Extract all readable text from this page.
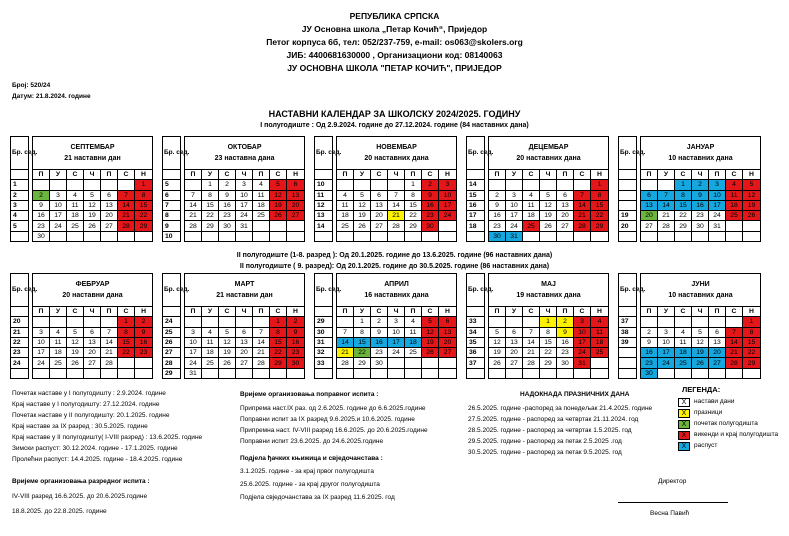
РЕПУБЛИКА СРПСКА
ЈУ Основна школа „Петар Кочић“, Приједор
Петог корпуса 6б, тел: 052/237-759, e-mail: os063@skolers.org
ЈИБ: 4400681630000 , Организациони код: 08140063
ЈУ ОСНОВНА ШКОЛА "ПЕТАР КОЧИЋ", ПРИЈЕДОР
Број: 520/24
Датум: 21.8.2024. године
НАСТАВНИ КАЛЕНДАР ЗА ШКОЛСКУ 2024/2025. ГОДИНУ
I полугодиште : Од 2.9.2024. године до 27.12.2024. године (84 наставних дана)
II полугодиште (1-8. разред ): Од 20.1.2025. године до 13.6.2025. године (96 наставних дана)
II полугодиште ( 9. разред): Од 20.1.2025. године до 30.5.2025. године (86 наставних дана)
Почетак наставе у I полугодишту : 2.9.2024. године
Крај наставе у I полугодишту: 27.12.2024. године
Почетак наставе у II полугодишту: 20.1.2025. године
Крај наставе за IX разред : 30.5.2025. године
Крај наставе у II полугодишту( I-VIII разред) : 13.6.2025. године
Зимски распуст: 30.12.2024. године - 17.1.2025. године
Пролећни распуст: 14.4.2025. године - 18.4.2025. године
Вријеме организовања разредног испита :
IV-VIII разред 16.6.2025. до 20.6.2025.године
18.8.2025. до 22.8.2025. године
Вријеме организовања поправног испита :
Припрема наст.IX раз. од 2.6.2025. године до 6.6.2025.године
Поправни испит за IX разред 9.6.2025.и 10.6.2025. године
Припремна наст. IV-VIII разред 16.6.2025. до 20.6.2025.године
Поправни испит 23.6.2025. до 24.6.2025.године
Подјела ђачких књижица и свједочанстава :
3.1.2025. године - за крај првог полугодишта
25.6.2025. године - за крај другог полугодишта
Подјела свједочанстава за IX разред 11.6.2025. год
НАДОКНАДА ПРАЗНИЧНИХ ДАНА
26.5.2025. године -распоред за понедељак 21.4.2025. године
27.5.2025. године - распоред за четвртак 21.11.2024. год
28.5.2025. године - распоред за четвртак 1.5.2025. год
29.5.2025. године - распоред за петак 2.5.2025 .год
30.5.2025. године - распоред за петак 9.5.2025. год
ЛЕГЕНДА:
X	настави дани
X	празници
X	почетак полугодишта
X	викенди и крај полугодишта
X	распуст
Директор
Весна Павић
Бр. сед.		СЕПТЕМБАР
21 наставни дан						

		П	У	С	Ч	П	С	Н
1								1
2		2	3	4	5	6	7	8
3		9	10	11	12	13	14	15
4		16	17	18	19	20	21	22
5		23	24	25	26	27	28	29
		30						
Бр. сед.		ОКТОБАР
23 наставна дана						

		П	У	С	Ч	П	С	Н
5			1	2	3	4	5	6
6		7	8	9	10	11	12	13
7		14	15	16	17	18	19	20
8		21	22	23	24	25	26	27
9		28	29	30	31			
10								
Бр. сед.		НОВЕМБАР
20 наставних дана						

		П	У	С	Ч	П	С	Н
10						1	2	3
11		4	5	6	7	8	9	10
12		11	12	13	14	15	16	17
13		18	19	20	21	22	23	24
14		25	26	27	28	29	30	

Бр. сед.		ДЕЦЕМБАР
20 наставних дана						

		П	У	С	Ч	П	С	Н
14								1
15		2	3	4	5	6	7	8
16		9	10	11	12	13	14	15
17		16	17	18	19	20	21	22
18		23	24	25	26	27	28	29
		30	31					
Бр. сед.		ЈАНУАР
10 наставних дана						

		П	У	С	Ч	П	С	Н
				1	2	3	4	5
		6	7	8	9	10	11	12
		13	14	15	16	17	18	19
19		20	21	22	23	24	25	26
20		27	28	29	30	31		

Бр. сед.		ФЕБРУАР
20 наставни дана						

		П	У	С	Ч	П	С	Н
20							1	2
21		3	4	5	6	7	8	9
22		10	11	12	13	14	15	16
23		17	18	19	20	21	22	23
24		24	25	26	27	28		

Бр. сед.		МАРТ
21 наставни дан						

		П	У	С	Ч	П	С	Н
24							1	2
25		3	4	5	6	7	8	9
26		10	11	12	13	14	15	16
27		17	18	19	20	21	22	23
28		24	25	26	27	28	29	30
29		31						
Бр. сед.		АПРИЛ
16 наставних дана						

		П	У	С	Ч	П	С	Н
29			1	2	3	4	5	6
30		7	8	9	10	11	12	13
31		14	15	16	17	18	19	20
32		21	22	23	24	25	26	27
33		28	29	30				

Бр. сед.		МАЈ
19 наставних дана						

		П	У	С	Ч	П	С	Н
33					1	2	3	4
34		5	6	7	8	9	10	11
35		12	13	14	15	16	17	18
36		19	20	21	22	23	24	25
37		26	27	28	29	30	31	

Бр. сед.		ЈУНИ
10 наставних дана						

		П	У	С	Ч	П	С	Н
37								1
38		2	3	4	5	6	7	8
39		9	10	11	12	13	14	15
		16	17	18	19	20	21	22
		23	24	25	26	27	28	29
		30						
